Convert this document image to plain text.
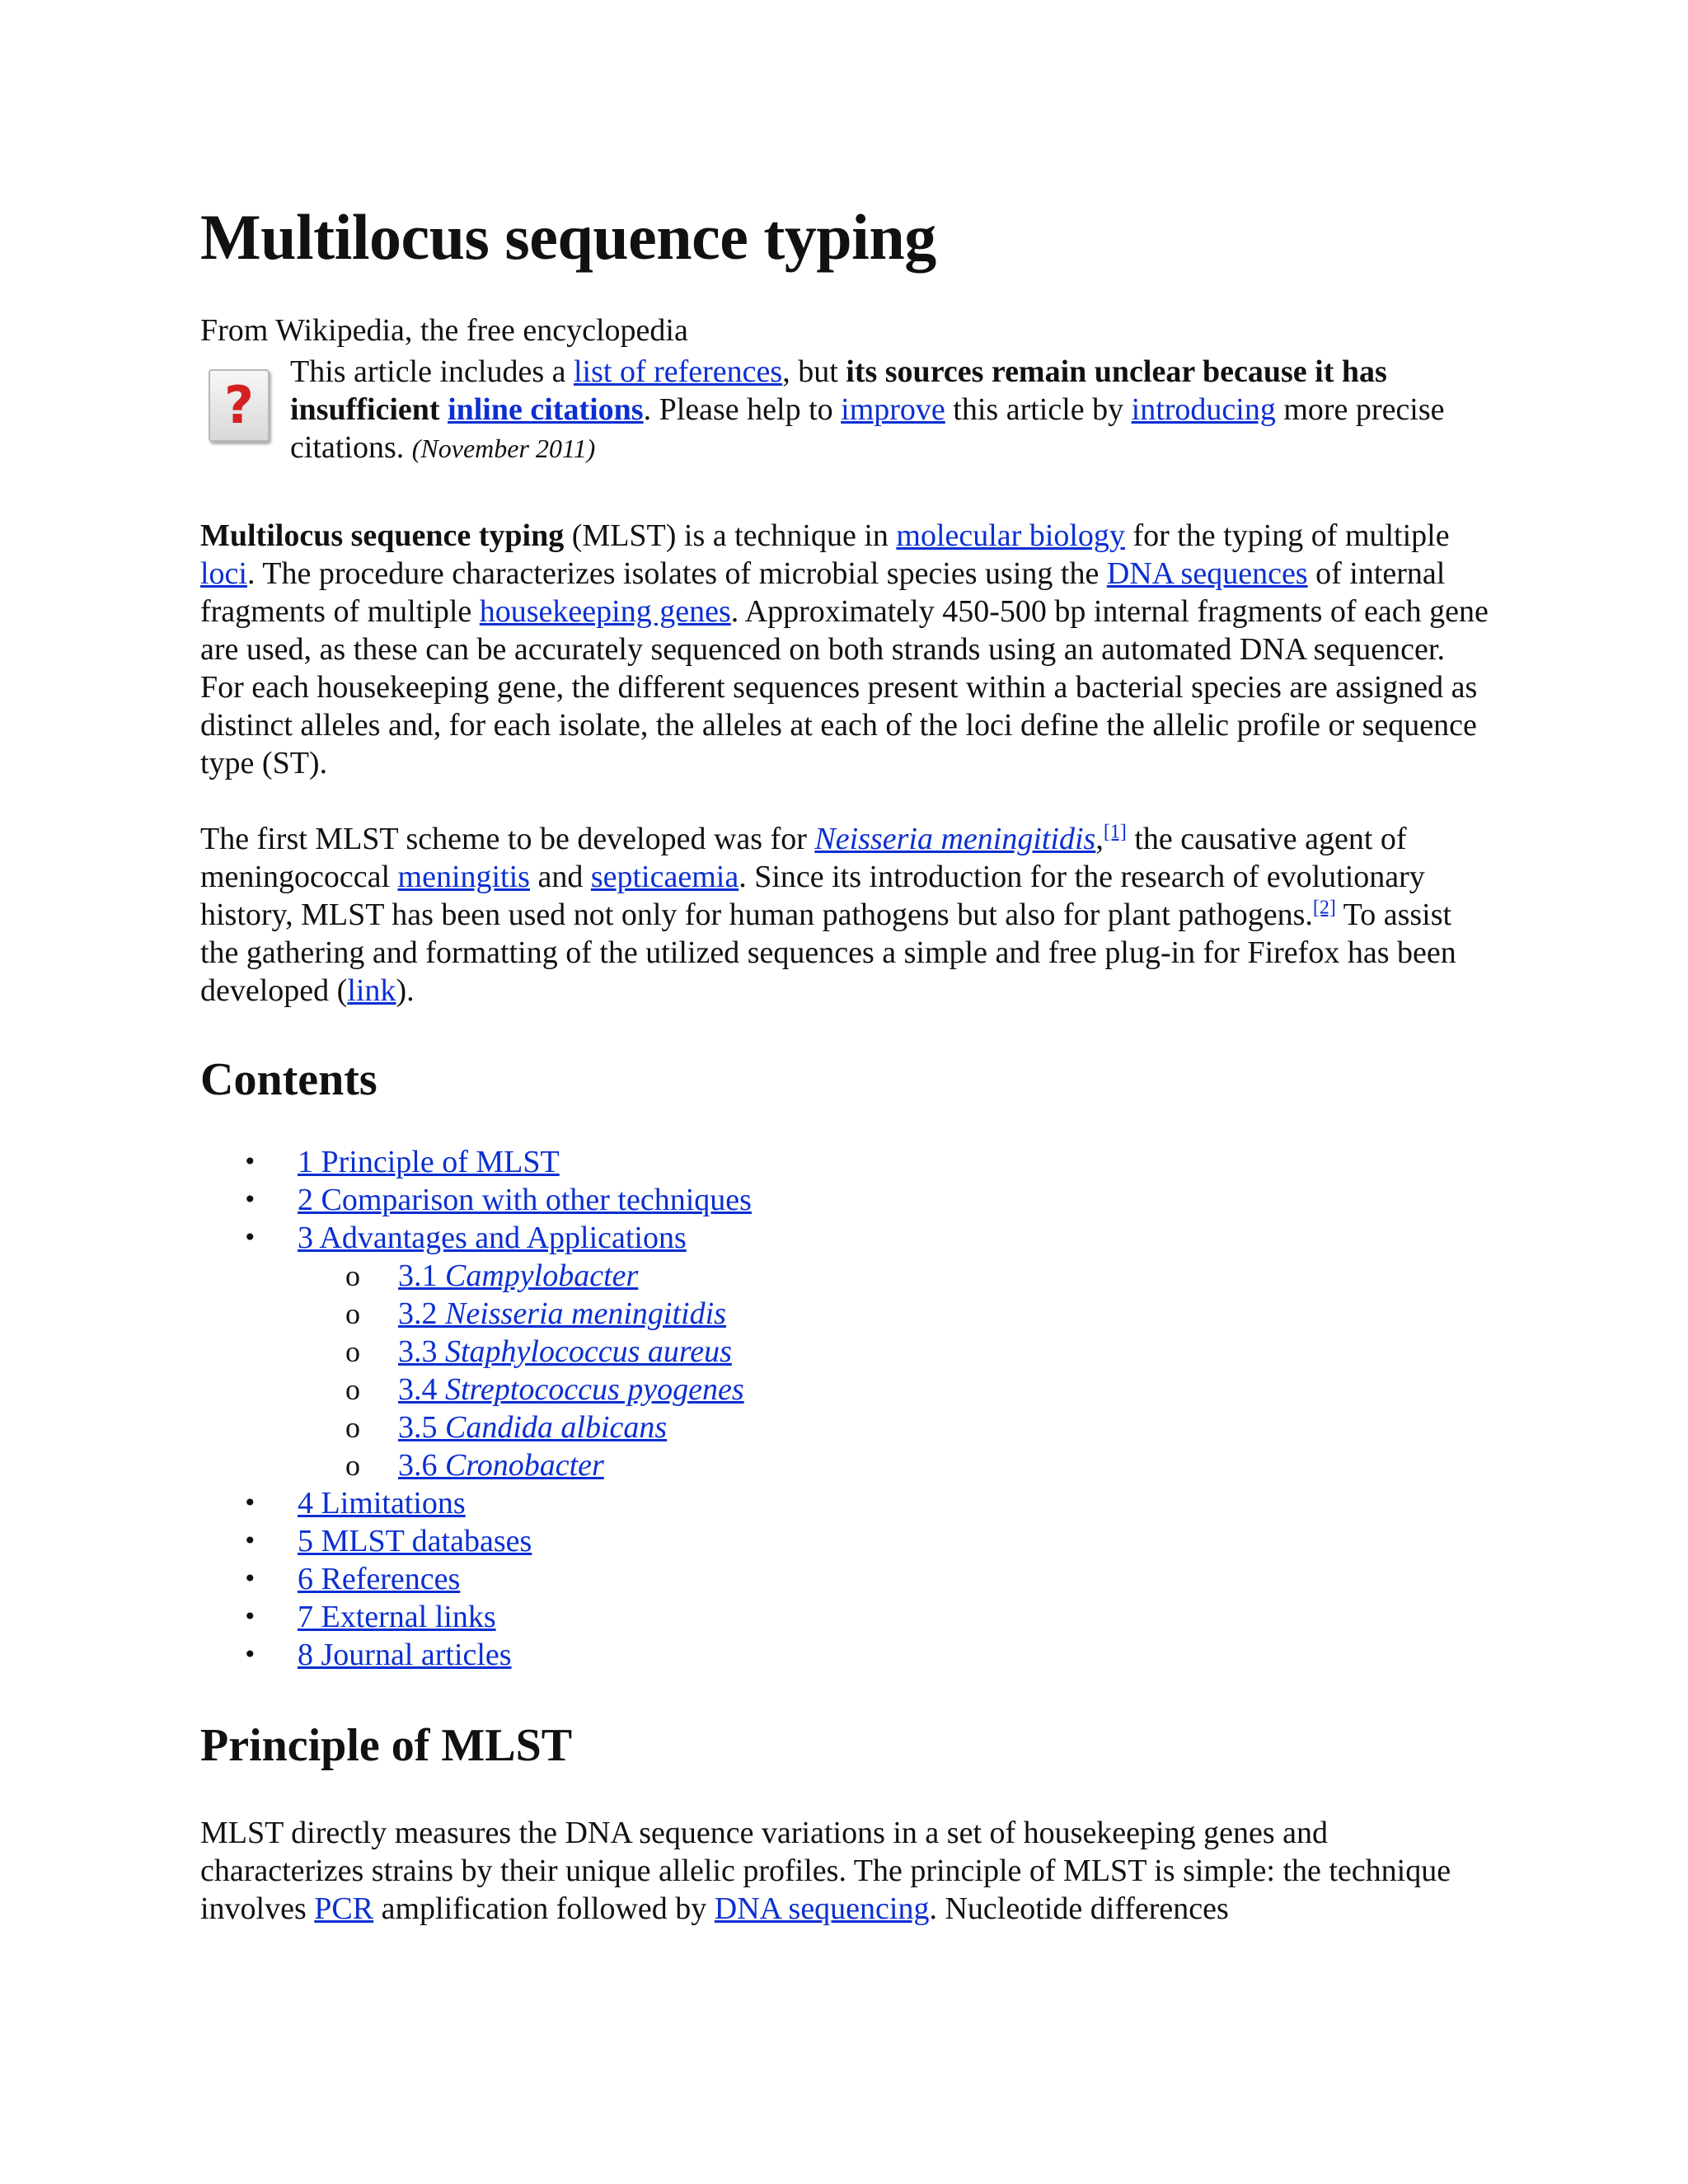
Multilocus sequence typing

From Wikipedia, the free encyclopedia

?
This article includes a list of references, but its sources remain unclear because it has insufficient inline citations. Please help to improve this article by introducing more precise citations. (November 2011)

Multilocus sequence typing (MLST) is a technique in molecular biology for the typing of multiple loci. The procedure characterizes isolates of microbial species using the DNA sequences of internal fragments of multiple housekeeping genes. Approximately 450-500 bp internal fragments of each gene are used, as these can be accurately sequenced on both strands using an automated DNA sequencer. For each housekeeping gene, the different sequences present within a bacterial species are assigned as distinct alleles and, for each isolate, the alleles at each of the loci define the allelic profile or sequence type (ST).

The first MLST scheme to be developed was for Neisseria meningitidis,[1] the causative agent of meningococcal meningitis and septicaemia. Since its introduction for the research of evolutionary history, MLST has been used not only for human pathogens but also for plant pathogens.[2] To assist the gathering and formatting of the utilized sequences a simple and free plug-in for Firefox has been developed (link).

Contents
• 1 Principle of MLST
• 2 Comparison with other techniques
• 3 Advantages and Applications
o 3.1 Campylobacter
o 3.2 Neisseria meningitidis
o 3.3 Staphylococcus aureus
o 3.4 Streptococcus pyogenes
o 3.5 Candida albicans
o 3.6 Cronobacter
• 4 Limitations
• 5 MLST databases
• 6 References
• 7 External links
• 8 Journal articles
Principle of MLST

MLST directly measures the DNA sequence variations in a set of housekeeping genes and characterizes strains by their unique allelic profiles. The principle of MLST is simple: the technique involves PCR amplification followed by DNA sequencing. Nucleotide differences
